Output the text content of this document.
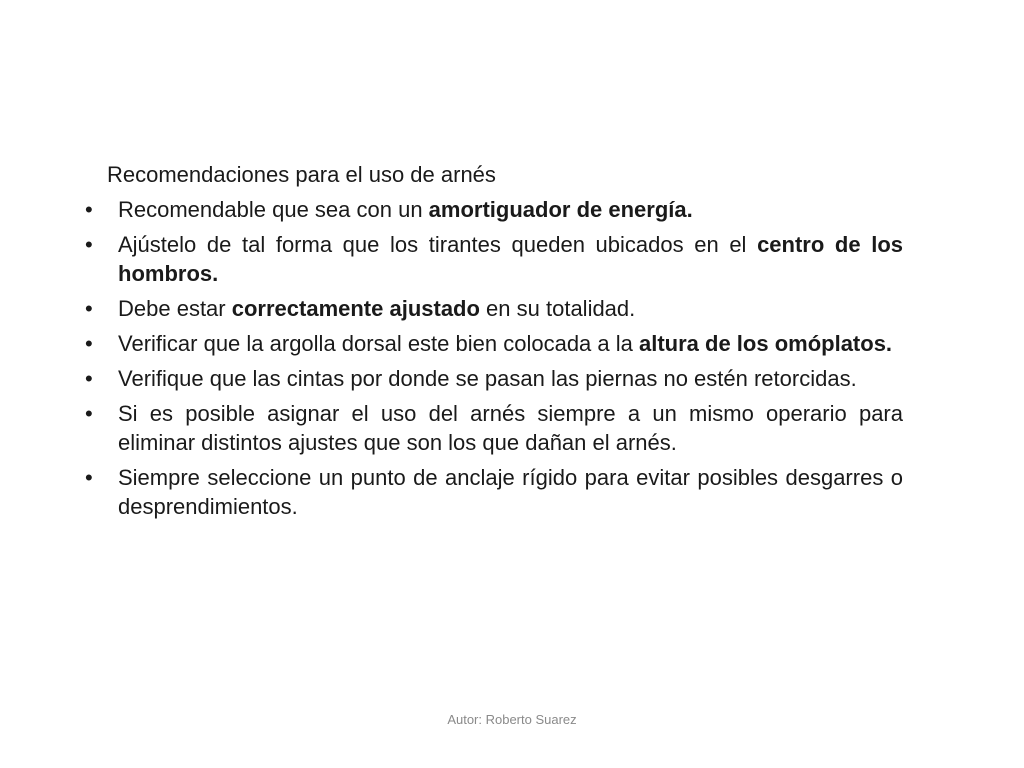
Recomendaciones para el uso de arnés
• Recomendable que sea con un amortiguador de energía.
• Ajústelo de tal forma que los tirantes queden ubicados en el centro de los hombros.
• Debe estar correctamente ajustado en su totalidad.
• Verificar que la argolla dorsal este bien colocada a la altura de los omóplatos.
• Verifique que las cintas por donde se pasan las piernas no estén retorcidas.
• Si es posible asignar el uso del arnés siempre a un mismo operario para eliminar distintos ajustes que son los que dañan el arnés.
• Siempre seleccione un punto de anclaje rígido para evitar posibles desgarres o desprendimientos.
Autor: Roberto Suarez
